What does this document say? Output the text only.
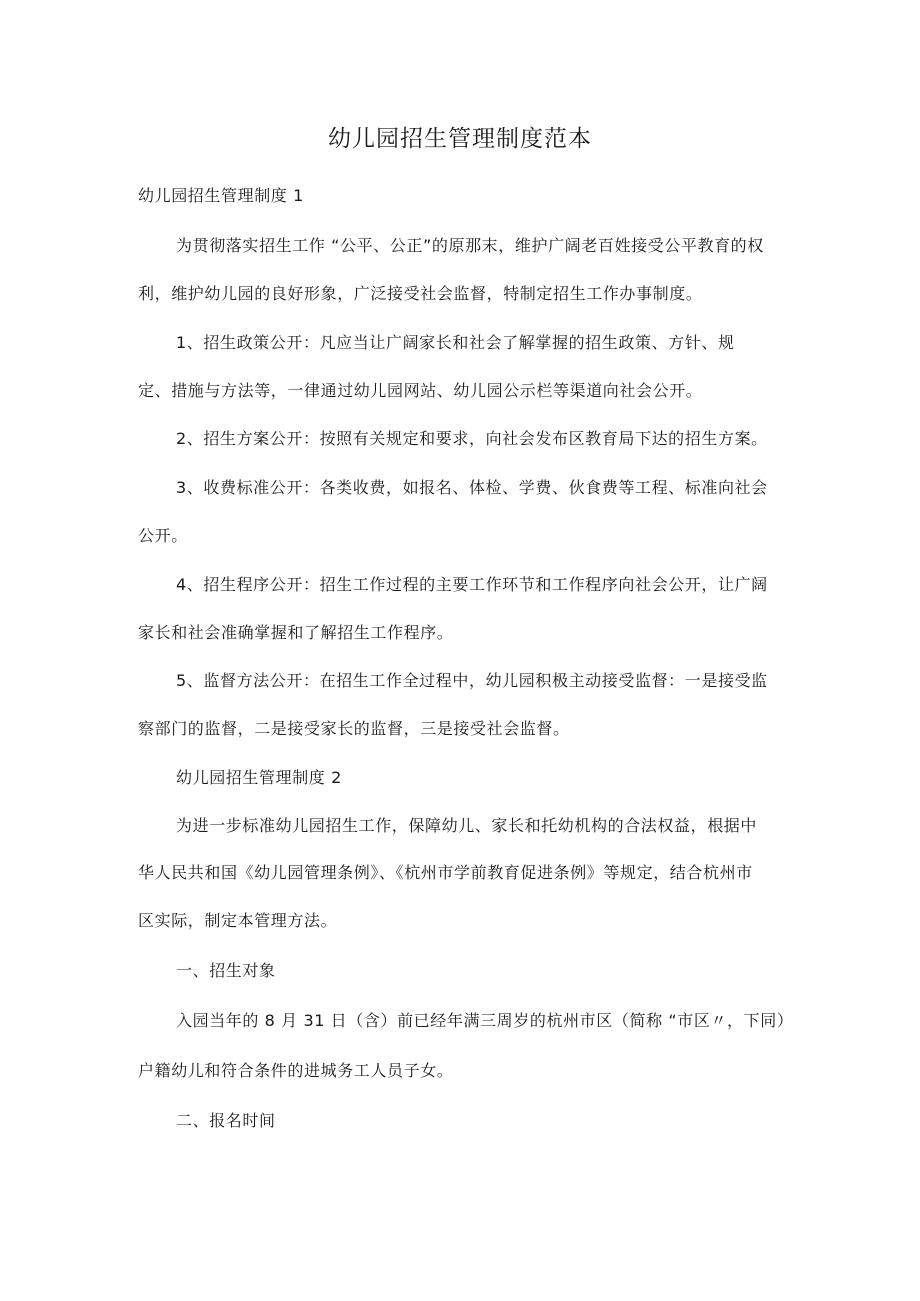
幼儿园招生管理制度范本
幼儿园招生管理制度 1
为贯彻落实招生工作 “公平、公正”的原那末，维护广阔老百姓接受公平教育的权
利，维护幼儿园的良好形象，广泛接受社会监督，特制定招生工作办事制度。
1、招生政策公开：凡应当让广阔家长和社会了解掌握的招生政策、方针、规
定、措施与方法等，一律通过幼儿园网站、幼儿园公示栏等渠道向社会公开。
2、招生方案公开：按照有关规定和要求，向社会发布区教育局下达的招生方案。
3、收费标准公开：各类收费，如报名、体检、学费、伙食费等工程、标准向社会
公开。
4、招生程序公开：招生工作过程的主要工作环节和工作程序向社会公开，让广阔
家长和社会准确掌握和了解招生工作程序。
5、监督方法公开：在招生工作全过程中，幼儿园积极主动接受监督：一是接受监
察部门的监督，二是接受家长的监督，三是接受社会监督。
幼儿园招生管理制度 2
为进一步标准幼儿园招生工作，保障幼儿、家长和托幼机构的合法权益，根据中
华人民共和国《幼儿园管理条例》、《杭州市学前教育促进条例》等规定，结合杭州市
区实际，制定本管理方法。
一、招生对象
入园当年的 8 月 31 日（含）前已经年满三周岁的杭州市区（简称 “市区〃，下同）
户籍幼儿和符合条件的进城务工人员子女。
二、报名时间
